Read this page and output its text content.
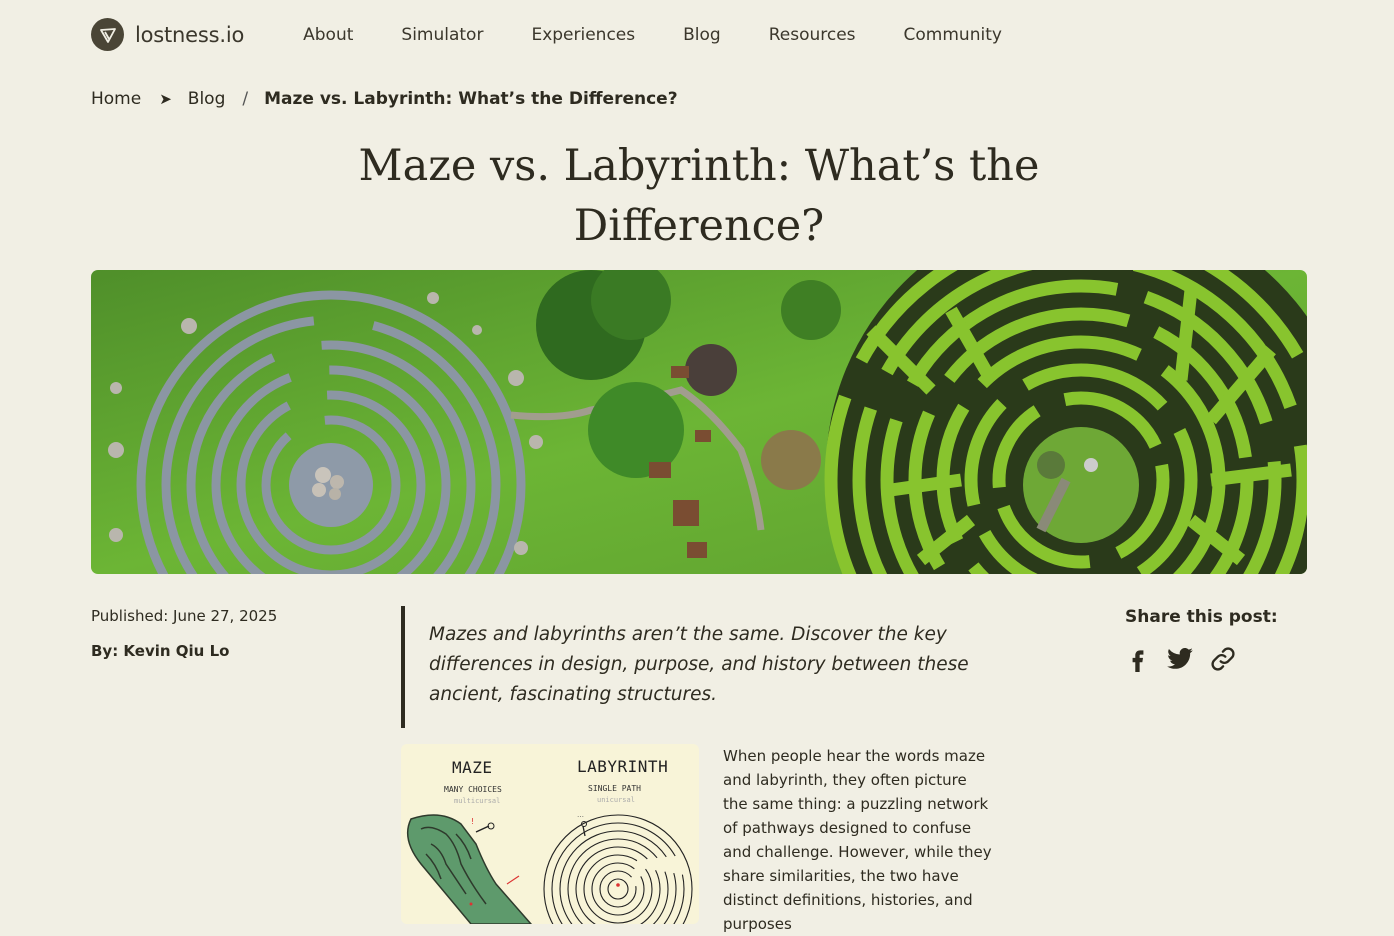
lostness.io	About	Simulator	Experiences	Blog	Resources	Community
Home ➤ Blog / Maze vs. Labyrinth: What’s the Difference?
Maze vs. Labyrinth: What’s the Difference?
Published: June 27, 2025
By: Kevin Qiu Lo
Mazes and labyrinths aren’t the same. Discover the key differences in design, purpose, and history between these ancient, fascinating structures.
Share this post:
MAZE
MANY CHOICES
multicursal
LABYRINTH
SINGLE PATH
unicursal
!
…
When people hear the words maze and labyrinth, they often picture the same thing: a puzzling network of pathways designed to confuse and challenge. However, while they share similarities, the two have distinct definitions, histories, and purposes
